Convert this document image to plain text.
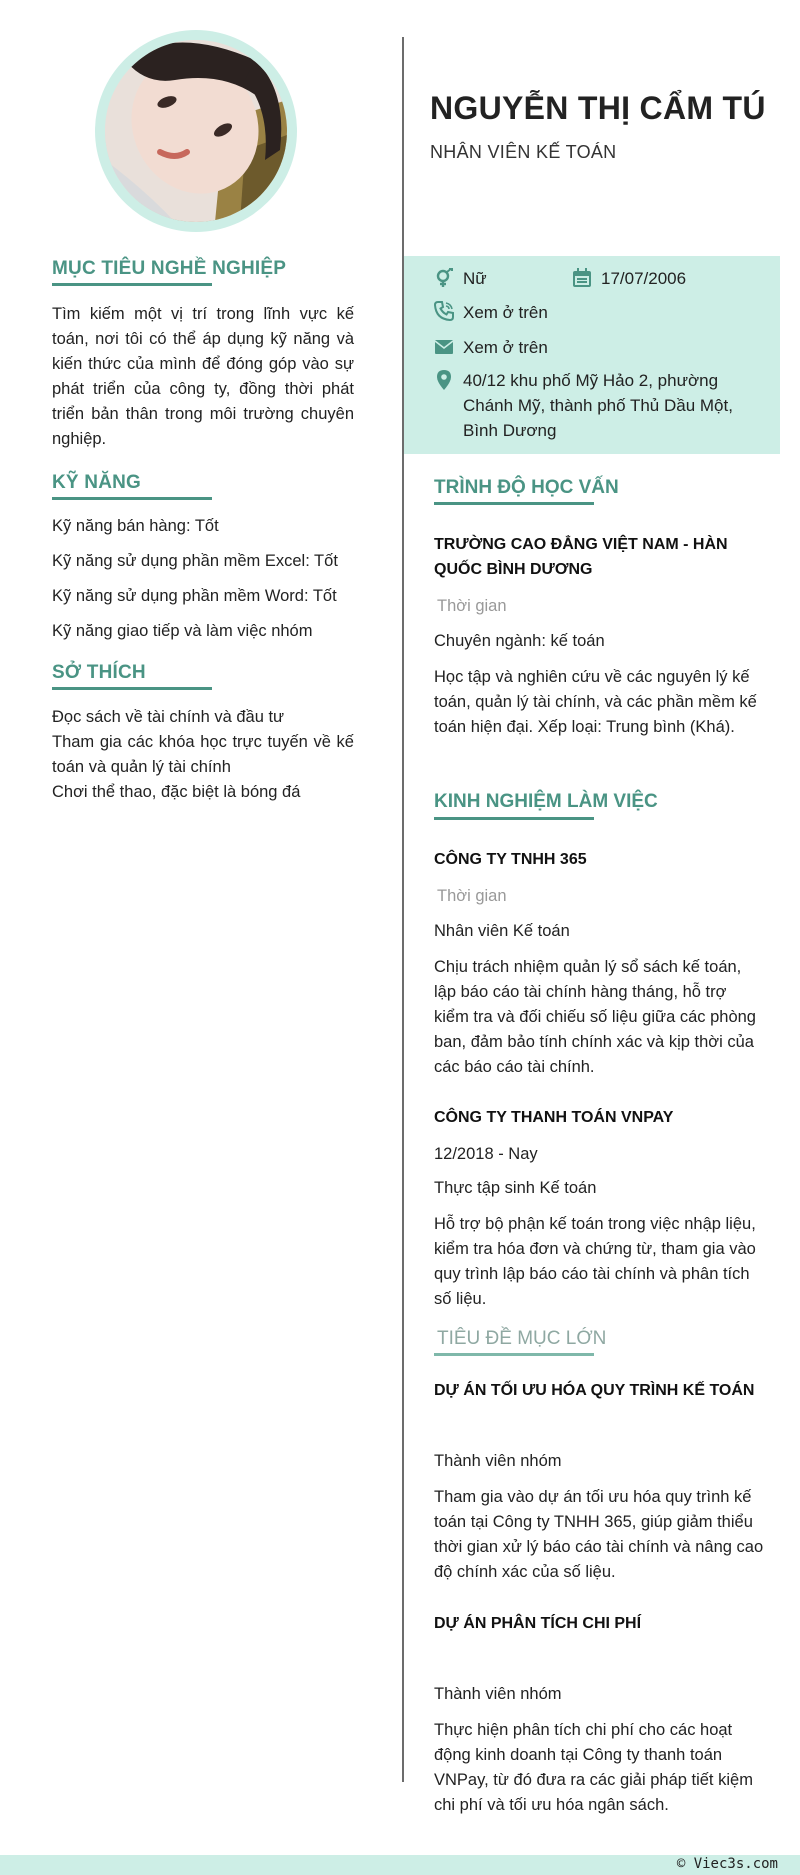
MỤC TIÊU NGHỀ NGHIỆP
Tìm kiếm một vị trí trong lĩnh vực kế toán, nơi tôi có thể áp dụng kỹ năng và kiến thức của mình để đóng góp vào sự phát triển của công ty, đồng thời phát triển bản thân trong môi trường chuyên nghiệp.
KỸ NĂNG
Kỹ năng bán hàng: Tốt
Kỹ năng sử dụng phần mềm Excel: Tốt
Kỹ năng sử dụng phần mềm Word: Tốt
Kỹ năng giao tiếp và làm việc nhóm
SỞ THÍCH
Đọc sách về tài chính và đầu tư
Tham gia các khóa học trực tuyến về kế toán và quản lý tài chính
Chơi thể thao, đặc biệt là bóng đá
NGUYỄN THỊ CẨM TÚ
NHÂN VIÊN KẾ TOÁN
Nữ	17/07/2006
Xem ở trên
Xem ở trên
40/12 khu phố Mỹ Hảo 2, phường Chánh Mỹ, thành phố Thủ Dầu Một, Bình Dương
TRÌNH ĐỘ HỌC VẤN
TRƯỜNG CAO ĐẲNG VIỆT NAM - HÀN QUỐC BÌNH DƯƠNG
Thời gian
Chuyên ngành: kế toán
Học tập và nghiên cứu về các nguyên lý kế toán, quản lý tài chính, và các phần mềm kế toán hiện đại. Xếp loại: Trung bình (Khá).
KINH NGHIỆM LÀM VIỆC
CÔNG TY TNHH 365
Thời gian
Nhân viên Kế toán
Chịu trách nhiệm quản lý sổ sách kế toán, lập báo cáo tài chính hàng tháng, hỗ trợ kiểm tra và đối chiếu số liệu giữa các phòng ban, đảm bảo tính chính xác và kịp thời của các báo cáo tài chính.
CÔNG TY THANH TOÁN VNPAY
12/2018 - Nay
Thực tập sinh Kế toán
Hỗ trợ bộ phận kế toán trong việc nhập liệu, kiểm tra hóa đơn và chứng từ, tham gia vào quy trình lập báo cáo tài chính và phân tích số liệu.
TIÊU ĐỀ MỤC LỚN
DỰ ÁN TỐI ƯU HÓA QUY TRÌNH KẾ TOÁN
Thành viên nhóm
Tham gia vào dự án tối ưu hóa quy trình kế toán tại Công ty TNHH 365, giúp giảm thiểu thời gian xử lý báo cáo tài chính và nâng cao độ chính xác của số liệu.
DỰ ÁN PHÂN TÍCH CHI PHÍ
Thành viên nhóm
Thực hiện phân tích chi phí cho các hoạt động kinh doanh tại Công ty thanh toán VNPay, từ đó đưa ra các giải pháp tiết kiệm chi phí và tối ưu hóa ngân sách.
© Viec3s.com
